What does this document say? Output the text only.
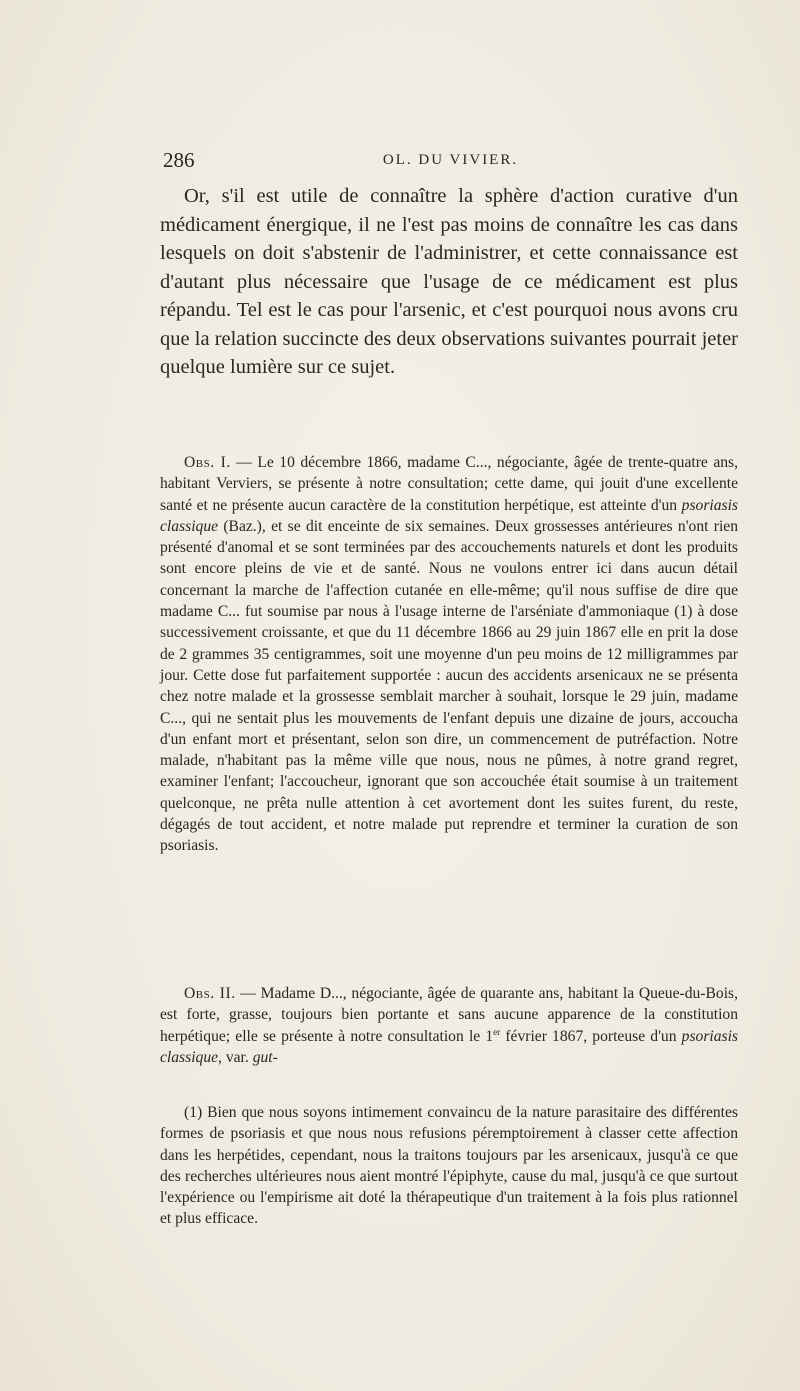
286	OL. DU VIVIER.

Or, s'il est utile de connaître la sphère d'action curative d'un médicament énergique, il ne l'est pas moins de connaître les cas dans lesquels on doit s'abstenir de l'administrer, et cette connaissance est d'autant plus nécessaire que l'usage de ce médicament est plus répandu. Tel est le cas pour l'arsenic, et c'est pourquoi nous avons cru que la relation succincte des deux observations suivantes pourrait jeter quelque lumière sur ce sujet.

Obs. I. — Le 10 décembre 1866, madame C..., négociante, âgée de trente-quatre ans, habitant Verviers, se présente à notre consultation; cette dame, qui jouit d'une excellente santé et ne présente aucun caractère de la constitution herpétique, est atteinte d'un psoriasis classique (Baz.), et se dit enceinte de six semaines. Deux grossesses antérieures n'ont rien présenté d'anomal et se sont terminées par des accouchements naturels et dont les produits sont encore pleins de vie et de santé. Nous ne voulons entrer ici dans aucun détail concernant la marche de l'affection cutanée en elle-même; qu'il nous suffise de dire que madame C... fut soumise par nous à l'usage interne de l'arséniate d'ammoniaque (1) à dose successivement croissante, et que du 11 décembre 1866 au 29 juin 1867 elle en prit la dose de 2 grammes 35 centigrammes, soit une moyenne d'un peu moins de 12 milligrammes par jour. Cette dose fut parfaitement supportée : aucun des accidents arsenicaux ne se présenta chez notre malade et la grossesse semblait marcher à souhait, lorsque le 29 juin, madame C..., qui ne sentait plus les mouvements de l'enfant depuis une dizaine de jours, accoucha d'un enfant mort et présentant, selon son dire, un commencement de putréfaction. Notre malade, n'habitant pas la même ville que nous, nous ne pûmes, à notre grand regret, examiner l'enfant; l'accoucheur, ignorant que son accouchée était soumise à un traitement quelconque, ne prêta nulle attention à cet avortement dont les suites furent, du reste, dégagés de tout accident, et notre malade put reprendre et terminer la curation de son psoriasis.

Obs. II. — Madame D..., négociante, âgée de quarante ans, habitant la Queue-du-Bois, est forte, grasse, toujours bien portante et sans aucune apparence de la constitution herpétique; elle se présente à notre consultation le 1er février 1867, porteuse d'un psoriasis classique, var. gut-

(1) Bien que nous soyons intimement convaincu de la nature parasitaire des différentes formes de psoriasis et que nous nous refusions péremptoirement à classer cette affection dans les herpétides, cependant, nous la traitons toujours par les arsenicaux, jusqu'à ce que des recherches ultérieures nous aient montré l'épiphyte, cause du mal, jusqu'à ce que surtout l'expérience ou l'empirisme ait doté la thérapeutique d'un traitement à la fois plus rationnel et plus efficace.
